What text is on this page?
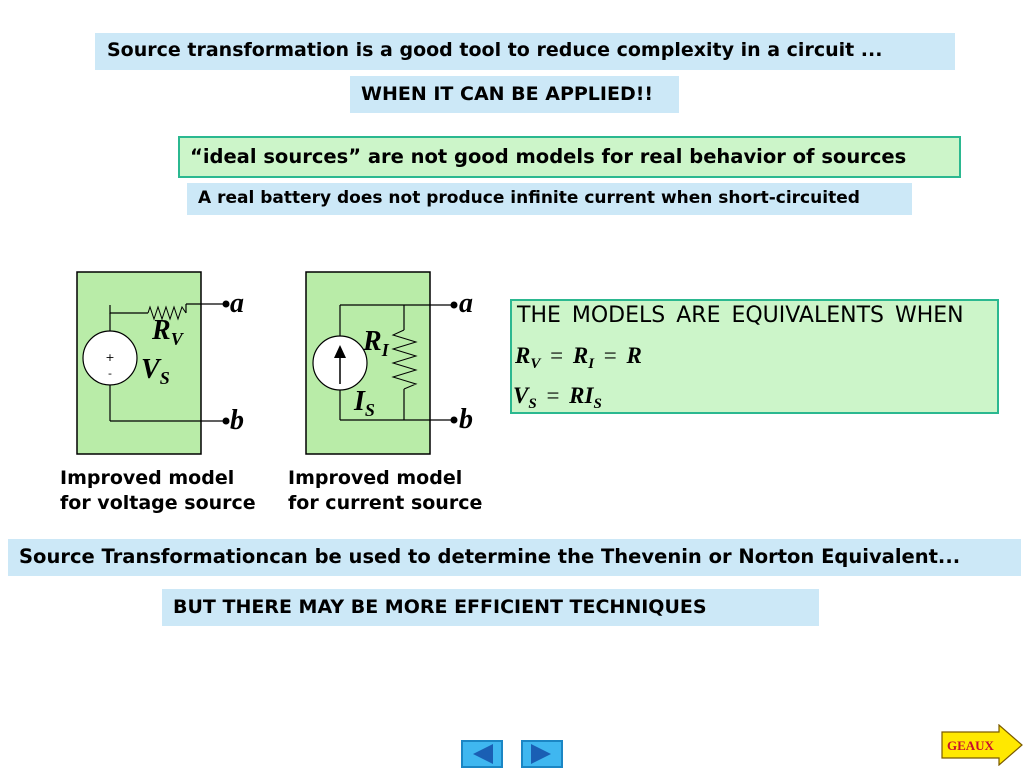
Source transformation is a good tool to reduce complexity in a circuit ...
WHEN IT CAN BE APPLIED!!
“ideal sources” are not good models for real behavior of sources
A real battery does not produce infinite current when short-circuited
+
-
a
b
$R_V$
$V_S$
a
b
$R_I$
$I_S$
Improved model
for voltage source
Improved model
for current source
THE MODELS ARE EQUIVALENTS WHEN
$R_V = R_I = R$
$V_S = RI_S$
Source Transformationcan be used to determine the Thevenin or Norton Equivalent...
BUT THERE MAY BE MORE EFFICIENT TECHNIQUES
GEAUX
